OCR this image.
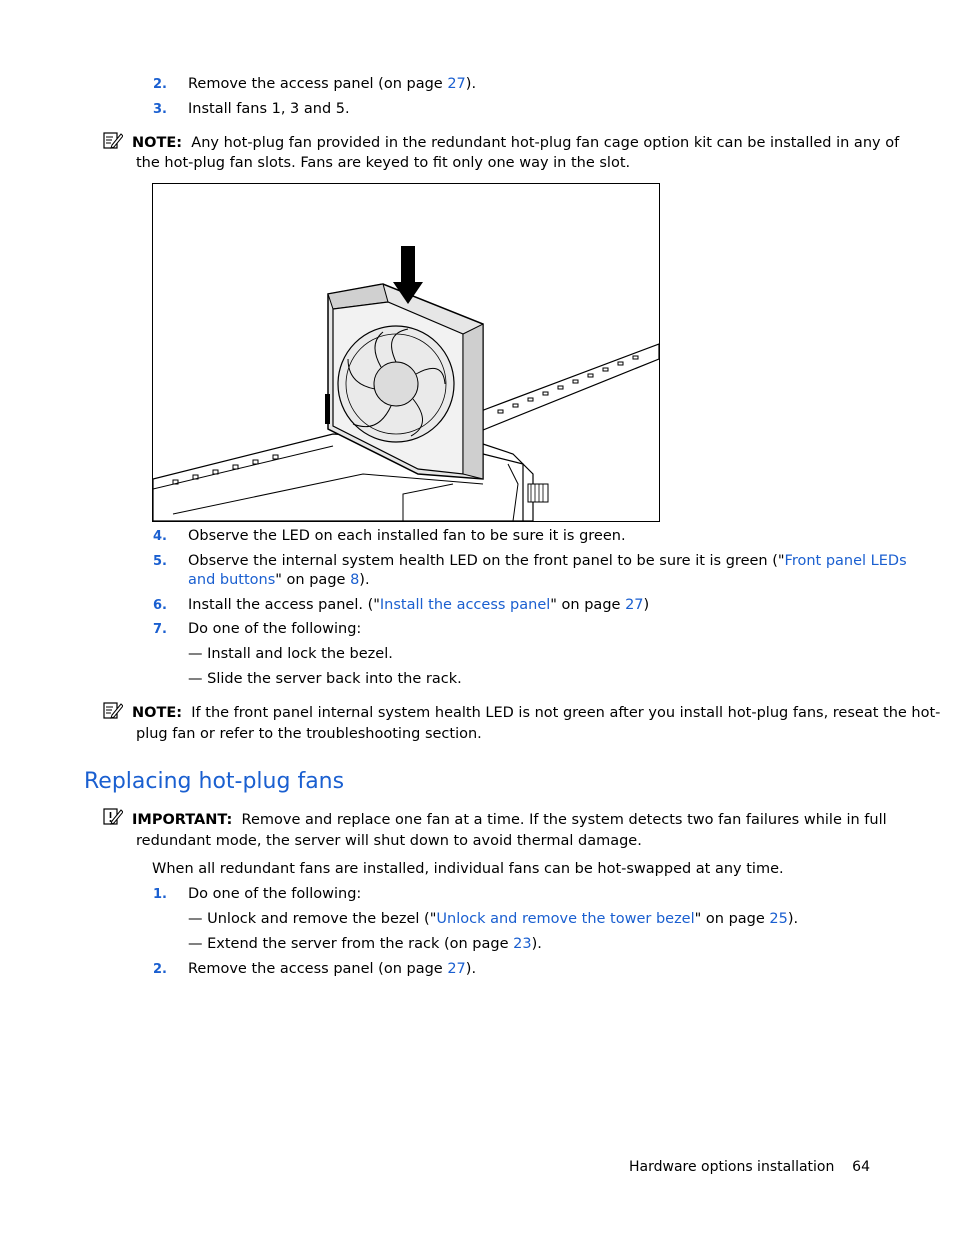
2. Remove the access panel (on page 27).
3. Install fans 1, 3 and 5.
NOTE: Any hot-plug fan provided in the redundant hot-plug fan cage option kit can be installed in any of
the hot-plug fan slots. Fans are keyed to fit only one way in the slot.
4. Observe the LED on each installed fan to be sure it is green.
5. Observe the internal system health LED on the front panel to be sure it is green ("Front panel LEDs
and buttons" on page 8).
6. Install the access panel. ("Install the access panel" on page 27)
7. Do one of the following:
— Install and lock the bezel.
— Slide the server back into the rack.
NOTE: If the front panel internal system health LED is not green after you install hot-plug fans, reseat the hot-
plug fan or refer to the troubleshooting section.
Replacing hot-plug fans
IMPORTANT: Remove and replace one fan at a time. If the system detects two fan failures while in full
redundant mode, the server will shut down to avoid thermal damage.
When all redundant fans are installed, individual fans can be hot-swapped at any time.
1. Do one of the following:
— Unlock and remove the bezel ("Unlock and remove the tower bezel" on page 25).
— Extend the server from the rack (on page 23).
2. Remove the access panel (on page 27).
Hardware options installation 64
